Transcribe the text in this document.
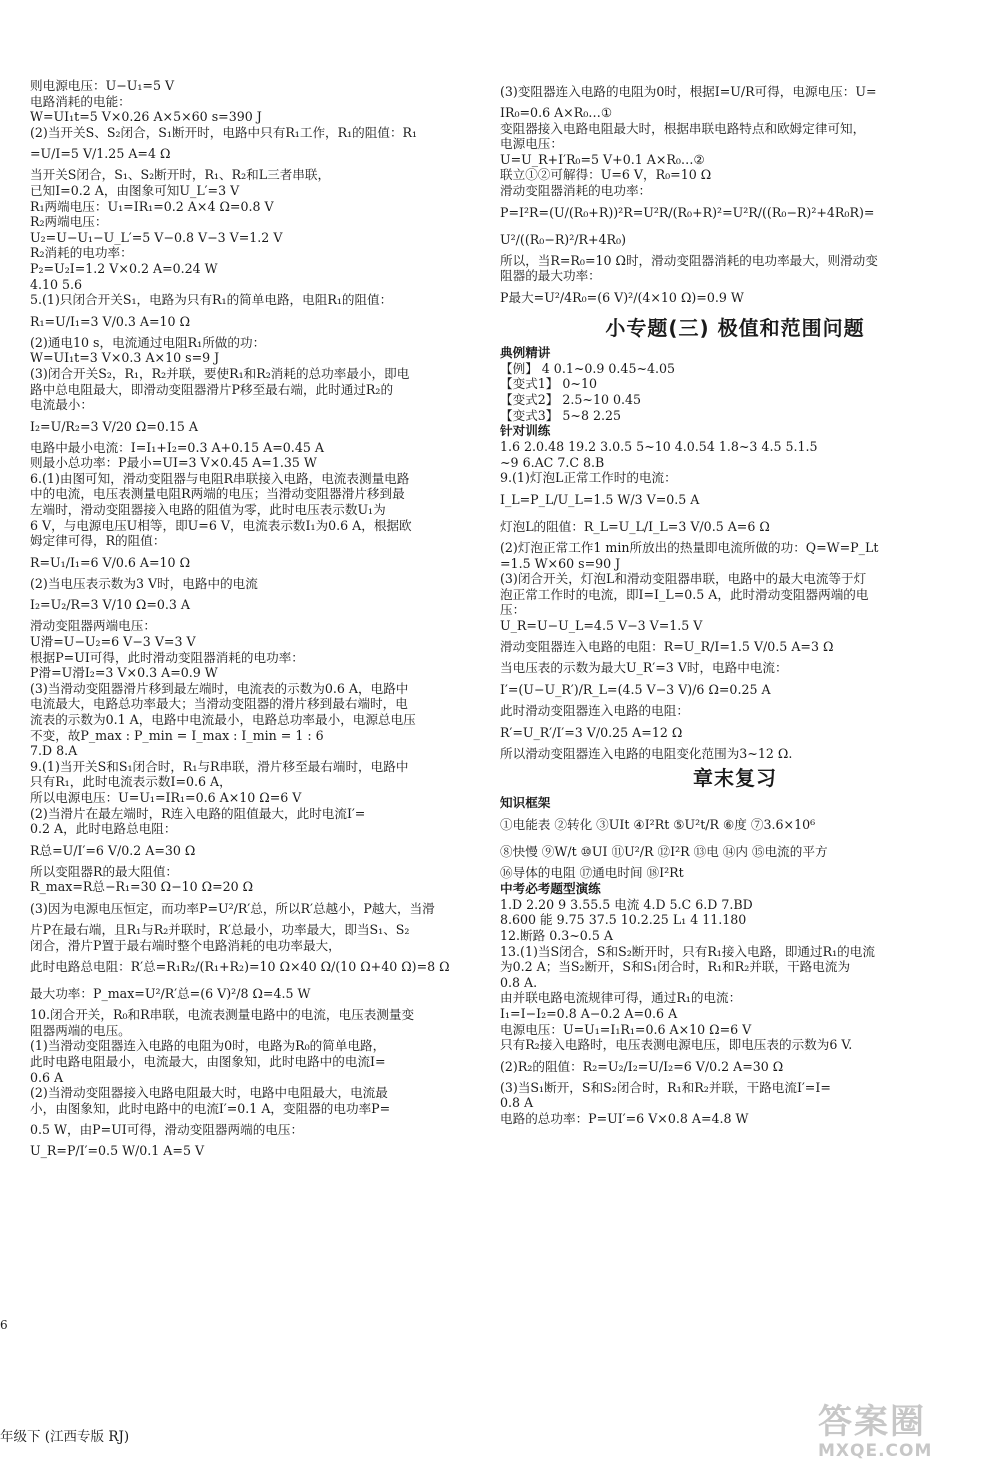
则电源电压：U−U₁=5 V
电路消耗的电能：
W=UI₁t=5 V×0.26 A×5×60 s=390 J
(2)当开关S、S₂闭合，S₁断开时，电路中只有R₁工作，R₁的阻值：R₁
=U/I=5 V/1.25 A=4 Ω
当开关S闭合，S₁、S₂断开时，R₁、R₂和L三者串联，
已知I=0.2 A，由图象可知U_L′=3 V
R₁两端电压：U₁=IR₁=0.2 A×4 Ω=0.8 V
R₂两端电压：
U₂=U−U₁−U_L′=5 V−0.8 V−3 V=1.2 V
R₂消耗的电功率：
P₂=U₂I=1.2 V×0.2 A=0.24 W
4.10 5.6
5.(1)只闭合开关S₁，电路为只有R₁的简单电路，电阻R₁的阻值：
R₁=U/I₁=3 V/0.3 A=10 Ω
(2)通电10 s，电流通过电阻R₁所做的功：
W=UI₁t=3 V×0.3 A×10 s=9 J
(3)闭合开关S₂，R₁，R₂并联，要使R₁和R₂消耗的总功率最小，即电
路中总电阻最大，即滑动变阻器滑片P移至最右端，此时通过R₂的
电流最小：
I₂=U/R₂=3 V/20 Ω=0.15 A
电路中最小电流：I=I₁+I₂=0.3 A+0.15 A=0.45 A
则最小总功率：P最小=UI=3 V×0.45 A=1.35 W
6.(1)由图可知，滑动变阻器与电阻R串联接入电路，电流表测量电路
中的电流，电压表测量电阻R两端的电压；当滑动变阻器滑片移到最
左端时，滑动变阻器接入电路的阻值为零，此时电压表示数U₁为
6 V，与电源电压U相等，即U=6 V，电流表示数I₁为0.6 A，根据欧
姆定律可得，R的阻值：
R=U₁/I₁=6 V/0.6 A=10 Ω
(2)当电压表示数为3 V时，电路中的电流
I₂=U₂/R=3 V/10 Ω=0.3 A
滑动变阻器两端电压：
U滑=U−U₂=6 V−3 V=3 V
根据P=UI可得，此时滑动变阻器消耗的电功率：
P滑=U滑I₂=3 V×0.3 A=0.9 W
(3)当滑动变阻器滑片移到最左端时，电流表的示数为0.6 A，电路中
电流最大，电路总功率最大；当滑动变阻器的滑片移到最右端时，电
流表的示数为0.1 A，电路中电流最小，电路总功率最小，电源总电压
不变，故P_max : P_min = I_max : I_min = 1 : 6
7.D 8.A
9.(1)当开关S和S₁闭合时，R₁与R串联，滑片移至最右端时，电路中
只有R₁，此时电流表示数I=0.6 A，
所以电源电压：U=U₁=IR₁=0.6 A×10 Ω=6 V
(2)当滑片在最左端时，R连入电路的阻值最大，此时电流I′=
0.2 A，此时电路总电阻：
R总=U/I′=6 V/0.2 A=30 Ω
所以变阻器R的最大阻值：
R_max=R总−R₁=30 Ω−10 Ω=20 Ω
(3)因为电源电压恒定，而功率P=U²/R′总，所以R′总越小，P越大，当滑
片P在最右端，且R₁与R₂并联时，R′总最小，功率最大，即当S₁、S₂
闭合，滑片P置于最右端时整个电路消耗的电功率最大，
此时电路总电阻：R′总=R₁R₂/(R₁+R₂)=10 Ω×40 Ω/(10 Ω+40 Ω)=8 Ω
最大功率：P_max=U²/R′总=(6 V)²/8 Ω=4.5 W
10.闭合开关，R₀和R串联，电流表测量电路中的电流，电压表测量变
阻器两端的电压。
(1)当滑动变阻器连入电路的电阻为0时，电路为R₀的简单电路，
此时电路电阻最小，电流最大，由图象知，此时电路中的电流I=
0.6 A
(2)当滑动变阻器接入电路电阻最大时，电路中电阻最大，电流最
小，由图象知，此时电路中的电流I′=0.1 A，变阻器的电功率P=
0.5 W，由P=UI可得，滑动变阻器两端的电压：
U_R=P/I′=0.5 W/0.1 A=5 V
(3)变阻器连入电路的电阻为0时，根据I=U/R可得，电源电压：U=
IR₀=0.6 A×R₀…①
变阻器接入电路电阻最大时，根据串联电路特点和欧姆定律可知，
电源电压：
U=U_R+I′R₀=5 V+0.1 A×R₀…②
联立①②可解得：U=6 V，R₀=10 Ω
滑动变阻器消耗的电功率：
P=I²R=(U/(R₀+R))²R=U²R/(R₀+R)²=U²R/((R₀−R)²+4R₀R)=
U²/((R₀−R)²/R+4R₀)
所以，当R=R₀=10 Ω时，滑动变阻器消耗的电功率最大，则滑动变
阻器的最大功率：
P最大=U²/4R₀=(6 V)²/(4×10 Ω)=0.9 W
小专题(三) 极值和范围问题
典例精讲
【例】 4 0.1~0.9 0.45~4.05
【变式1】 0~10
【变式2】 2.5~10 0.45
【变式3】 5~8 2.25
针对训练
1.6 2.0.48 19.2 3.0.5 5~10 4.0.54 1.8~3 4.5 5.1.5
~9 6.AC 7.C 8.B
9.(1)灯泡L正常工作时的电流：
I_L=P_L/U_L=1.5 W/3 V=0.5 A
灯泡L的阻值：R_L=U_L/I_L=3 V/0.5 A=6 Ω
(2)灯泡正常工作1 min所放出的热量即电流所做的功：Q=W=P_Lt
=1.5 W×60 s=90 J
(3)闭合开关，灯泡L和滑动变阻器串联，电路中的最大电流等于灯
泡正常工作时的电流，即I=I_L=0.5 A，此时滑动变阻器两端的电
压：
U_R=U−U_L=4.5 V−3 V=1.5 V
滑动变阻器连入电路的电阻：R=U_R/I=1.5 V/0.5 A=3 Ω
当电压表的示数为最大U_R′=3 V时，电路中电流：
I′=(U−U_R′)/R_L=(4.5 V−3 V)/6 Ω=0.25 A
此时滑动变阻器连入电路的电阻：
R′=U_R′/I′=3 V/0.25 A=12 Ω
所以滑动变阻器连入电路的电阻变化范围为3~12 Ω.
章末复习
知识框架
①电能表 ②转化 ③UIt ④I²Rt ⑤U²t/R ⑥度 ⑦3.6×10⁶
⑧快慢 ⑨W/t ⑩UI ⑪U²/R ⑫I²R ⑬电 ⑭内 ⑮电流的平方
⑯导体的电阻 ⑰通电时间 ⑱I²Rt
中考必考题型演练
1.D 2.20 9 3.55.5 电流 4.D 5.C 6.D 7.BD
8.600 能 9.75 37.5 10.2.25 L₁ 4 11.180
12.断路 0.3~0.5 A
13.(1)当S闭合，S和S₂断开时，只有R₁接入电路，即通过R₁的电流
为0.2 A；当S₂断开，S和S₁闭合时，R₁和R₂并联，干路电流为
0.8 A.
由并联电路电流规律可得，通过R₁的电流：
I₁=I−I₂=0.8 A−0.2 A=0.6 A
电源电压：U=U₁=I₁R₁=0.6 A×10 Ω=6 V
只有R₂接入电路时，电压表测电源电压，即电压表的示数为6 V.
(2)R₂的阻值：R₂=U₂/I₂=U/I₂=6 V/0.2 A=30 Ω
(3)当S₁断开，S和S₂闭合时，R₁和R₂并联，干路电流I′=I=
0.8 A
电路的总功率：P=UI′=6 V×0.8 A=4.8 W
6
年级下 (江西专版 RJ)	答案圈
MXQE.COM
